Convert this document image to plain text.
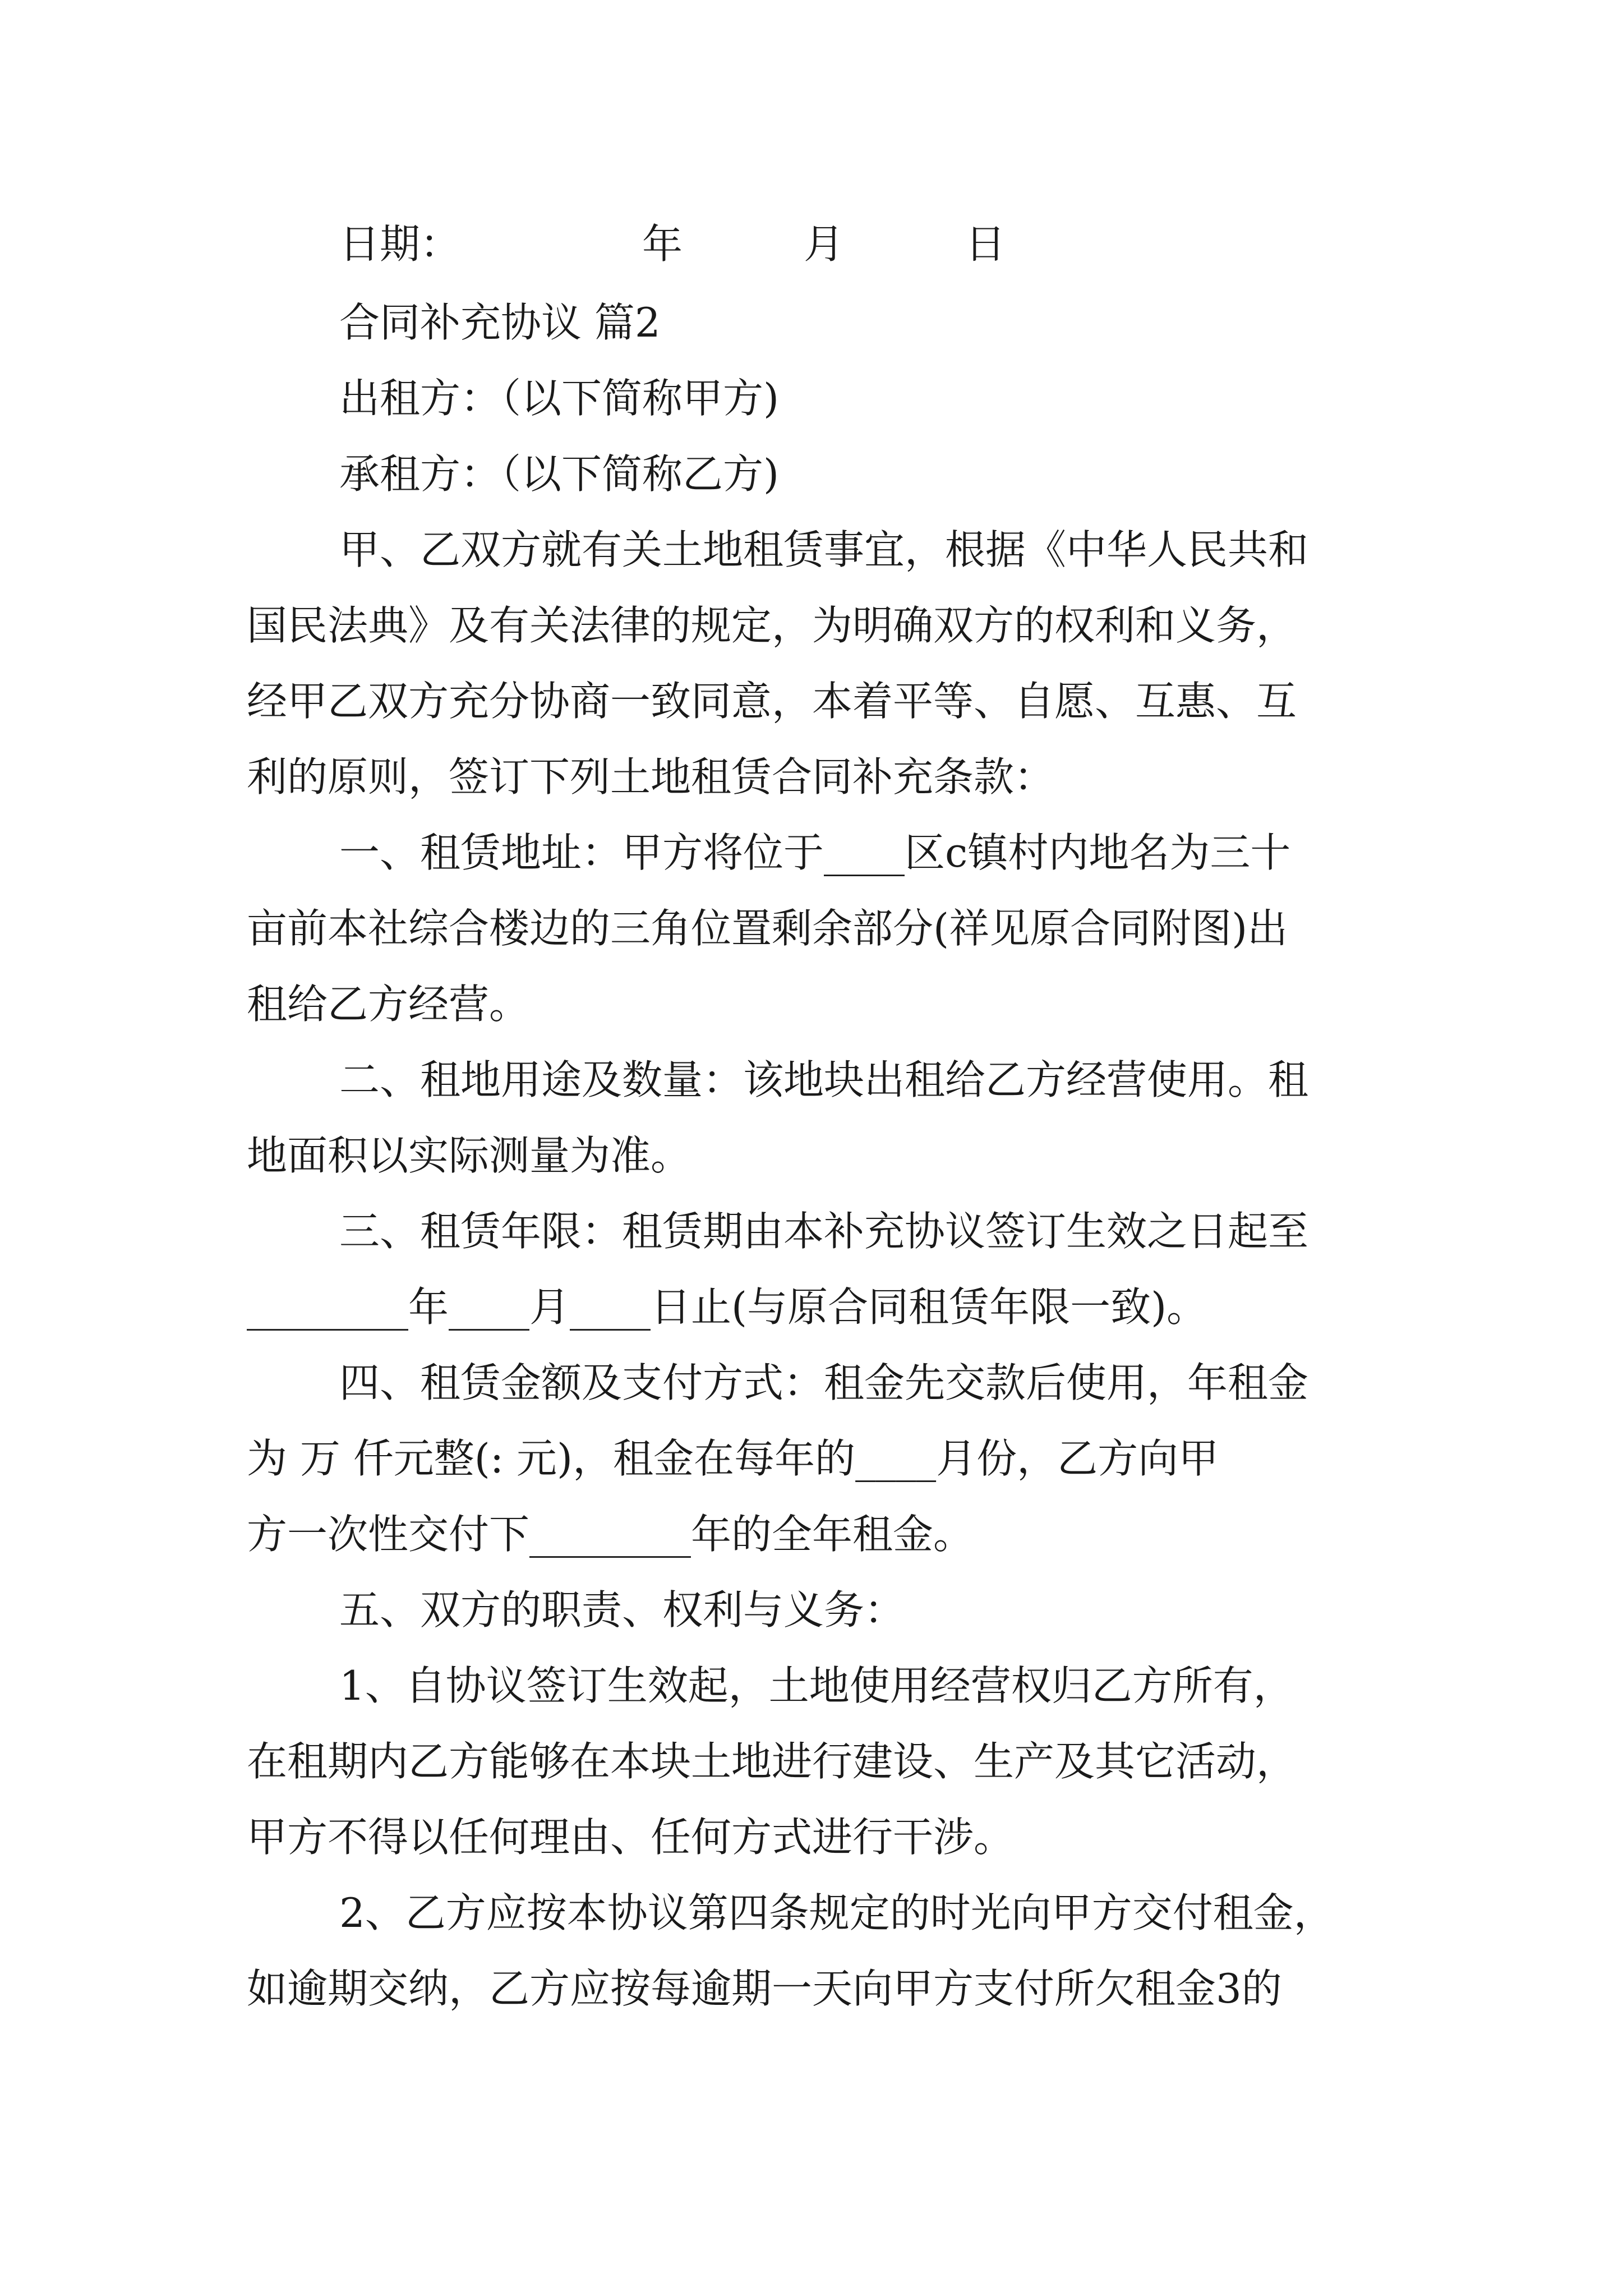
日期：　　　　　年　　　月　　　日
合同补充协议 篇2
出租方：（以下简称甲方)
承租方：（以下简称乙方)
甲、乙双方就有关土地租赁事宜，根据《中华人民共和
国民法典》及有关法律的规定，为明确双方的权利和义务，
经甲乙双方充分协商一致同意，本着平等、自愿、互惠、互
利的原则，签订下列土地租赁合同补充条款：
一、租赁地址：甲方将位于____区c镇村内地名为三十
亩前本社综合楼边的三角位置剩余部分(祥见原合同附图)出
租给乙方经营。
二、租地用途及数量：该地块出租给乙方经营使用。租
地面积以实际测量为准。
三、租赁年限：租赁期由本补充协议签订生效之日起至
________年____月____日止(与原合同租赁年限一致)。
四、租赁金额及支付方式：租金先交款后使用，年租金
为 万 仟元整(: 元)，租金在每年的____月份，乙方向甲
方一次性交付下________年的全年租金。
五、双方的职责、权利与义务：
1、自协议签订生效起，土地使用经营权归乙方所有，
在租期内乙方能够在本块土地进行建设、生产及其它活动，
甲方不得以任何理由、任何方式进行干涉。
2、乙方应按本协议第四条规定的时光向甲方交付租金，
如逾期交纳，乙方应按每逾期一天向甲方支付所欠租金3的
